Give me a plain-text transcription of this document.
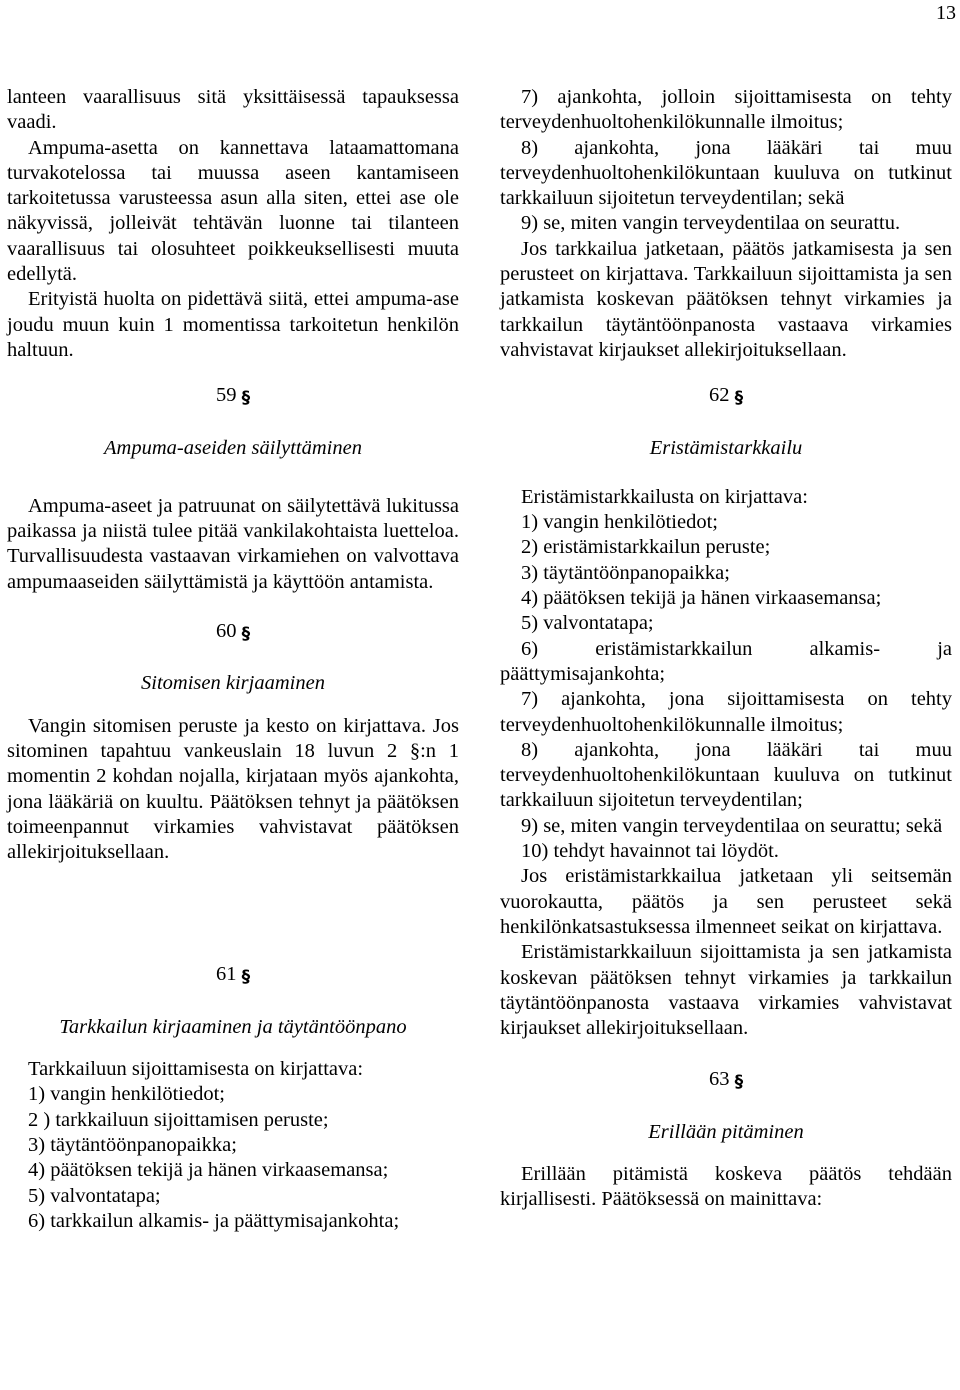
13

lanteen vaarallisuus sitä yksittäisessä tapauksessa vaadi.

Ampuma-asetta on kannettava lataamattomana turvakotelossa tai muussa aseen kantamiseen tarkoitetussa varusteessa asun alla siten, ettei ase ole näkyvissä, jolleivät tehtävän luonne tai tilanteen vaarallisuus tai olosuhteet poikkeuksellisesti muuta edellytä.

Erityistä huolta on pidettävä siitä, ettei ampuma-ase joudu muun kuin 1 momentissa tarkoitetun henkilön haltuun.

59 §

Ampuma-aseiden säilyttäminen

Ampuma-aseet ja patruunat on säilytettävä lukitussa paikassa ja niistä tulee pitää vankilakohtaista luetteloa. Turvallisuudesta vastaavan virkamiehen on valvottava ampumaaseiden säilyttämistä ja käyttöön antamista.

60 §

Sitomisen kirjaaminen

Vangin sitomisen peruste ja kesto on kirjattava. Jos sitominen tapahtuu vankeuslain 18 luvun 2 §:n 1 momentin 2 kohdan nojalla, kirjataan myös ajankohta, jona lääkäriä on kuultu. Päätöksen tehnyt ja päätöksen toimeenpannut virkamies vahvistavat päätöksen allekirjoituksellaan.

61 §

Tarkkailun kirjaaminen ja täytäntöönpano

Tarkkailuun sijoittamisesta on kirjattava:

1) vangin henkilötiedot;

2 ) tarkkailuun sijoittamisen peruste;

3) täytäntöönpanopaikka;

4) päätöksen tekijä ja hänen virkaasemansa;

5) valvontatapa;

6) tarkkailun alkamis- ja päättymisajankohta;

7) ajankohta, jolloin sijoittamisesta on tehty terveydenhuoltohenkilökunnalle ilmoitus;

8) ajankohta, jona lääkäri tai muu terveydenhuoltohenkilökuntaan kuuluva on tutkinut tarkkailuun sijoitetun terveydentilan; sekä

9) se, miten vangin terveydentilaa on seurattu.

Jos tarkkailua jatketaan, päätös jatkamisesta ja sen perusteet on kirjattava. Tarkkailuun sijoittamista ja sen jatkamista koskevan päätöksen tehnyt virkamies ja tarkkailun täytäntöönpanosta vastaava virkamies vahvistavat kirjaukset allekirjoituksellaan.

62 §

Eristämistarkkailu

Eristämistarkkailusta on kirjattava:

1) vangin henkilötiedot;

2) eristämistarkkailun peruste;

3) täytäntöönpanopaikka;

4) päätöksen tekijä ja hänen virkaasemansa;

5) valvontatapa;

6) eristämistarkkailun alkamis- ja päättymisajankohta;

7) ajankohta, jona sijoittamisesta on tehty terveydenhuoltohenkilökunnalle ilmoitus;

8) ajankohta, jona lääkäri tai muu terveydenhuoltohenkilökuntaan kuuluva on tutkinut tarkkailuun sijoitetun terveydentilan;

9) se, miten vangin terveydentilaa on seurattu; sekä

10) tehdyt havainnot tai löydöt.

Jos eristämistarkkailua jatketaan yli seitsemän vuorokautta, päätös ja sen perusteet sekä henkilönkatsastuksessa ilmenneet seikat on kirjattava.

Eristämistarkkailuun sijoittamista ja sen jatkamista koskevan päätöksen tehnyt virkamies ja tarkkailun täytäntöönpanosta vastaava virkamies vahvistavat kirjaukset allekirjoituksellaan.

63 §

Erillään pitäminen

Erillään pitämistä koskeva päätös tehdään kirjallisesti. Päätöksessä on mainittava:
